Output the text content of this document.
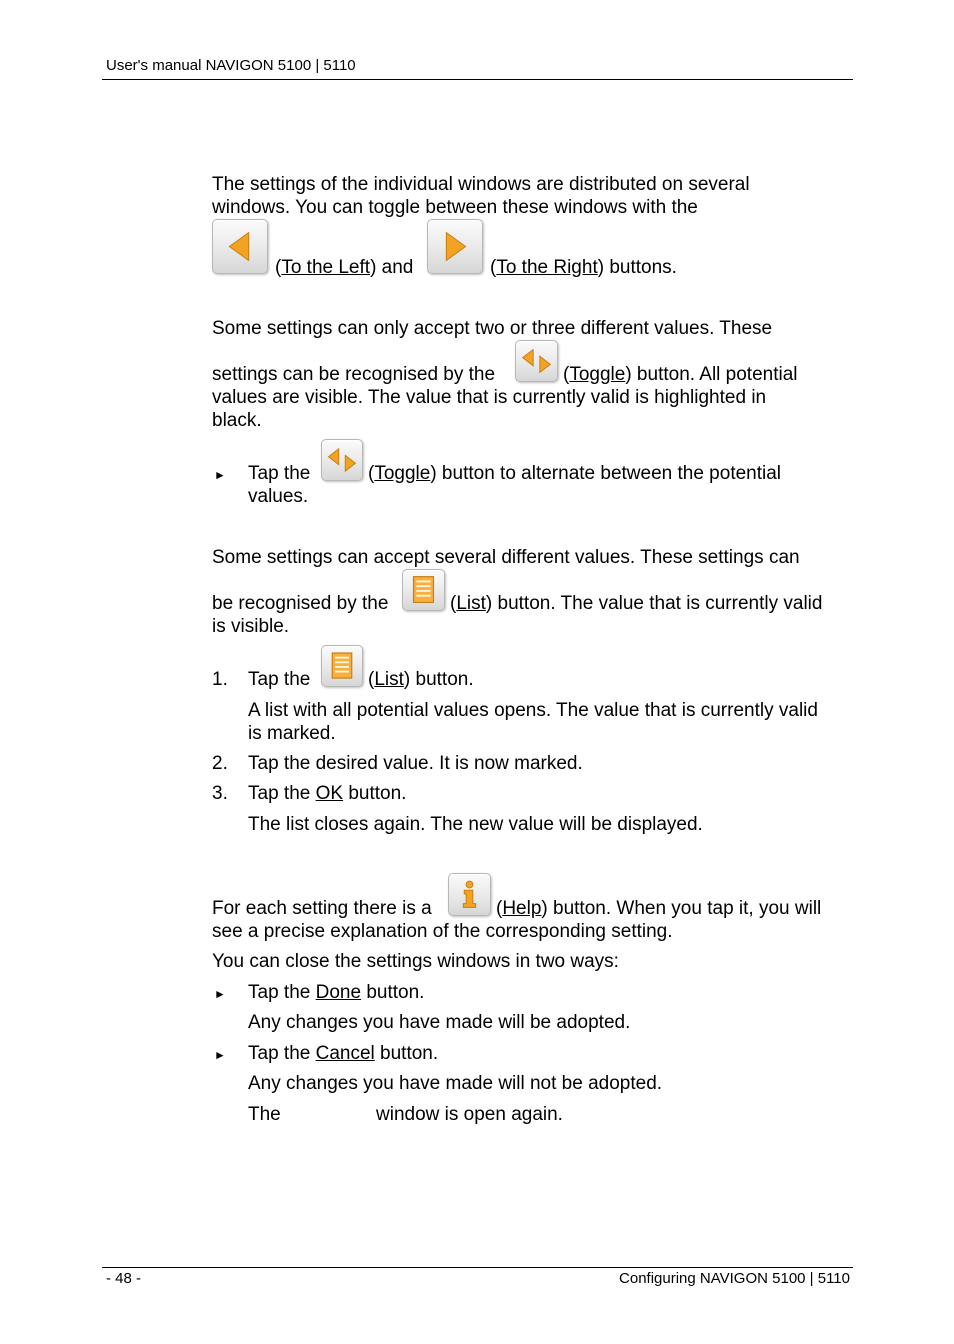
User's manual NAVIGON 5100 | 5110
The settings of the individual windows are distributed on several
windows. You can toggle between these windows with the
(To the Left) and	(To the Right) buttons.
Some settings can only accept two or three different values. These
settings can be recognised by the	(Toggle) button. All potential
values are visible. The value that is currently valid is highlighted in
black.
► Tap the	(Toggle) button to alternate between the potential
values.
Some settings can accept several different values. These settings can
be recognised by the	(List) button. The value that is currently valid
is visible.
1. Tap the	(List) button.
A list with all potential values opens. The value that is currently valid
is marked.
2. Tap the desired value. It is now marked.
3. Tap the OK button.
The list closes again. The new value will be displayed.
For each setting there is a	(Help) button. When you tap it, you will
see a precise explanation of the corresponding setting.
You can close the settings windows in two ways:
► Tap the Done button.
Any changes you have made will be adopted.
► Tap the Cancel button.
Any changes you have made will not be adopted.
The	window is open again.
- 48 -	Configuring NAVIGON 5100 | 5110
